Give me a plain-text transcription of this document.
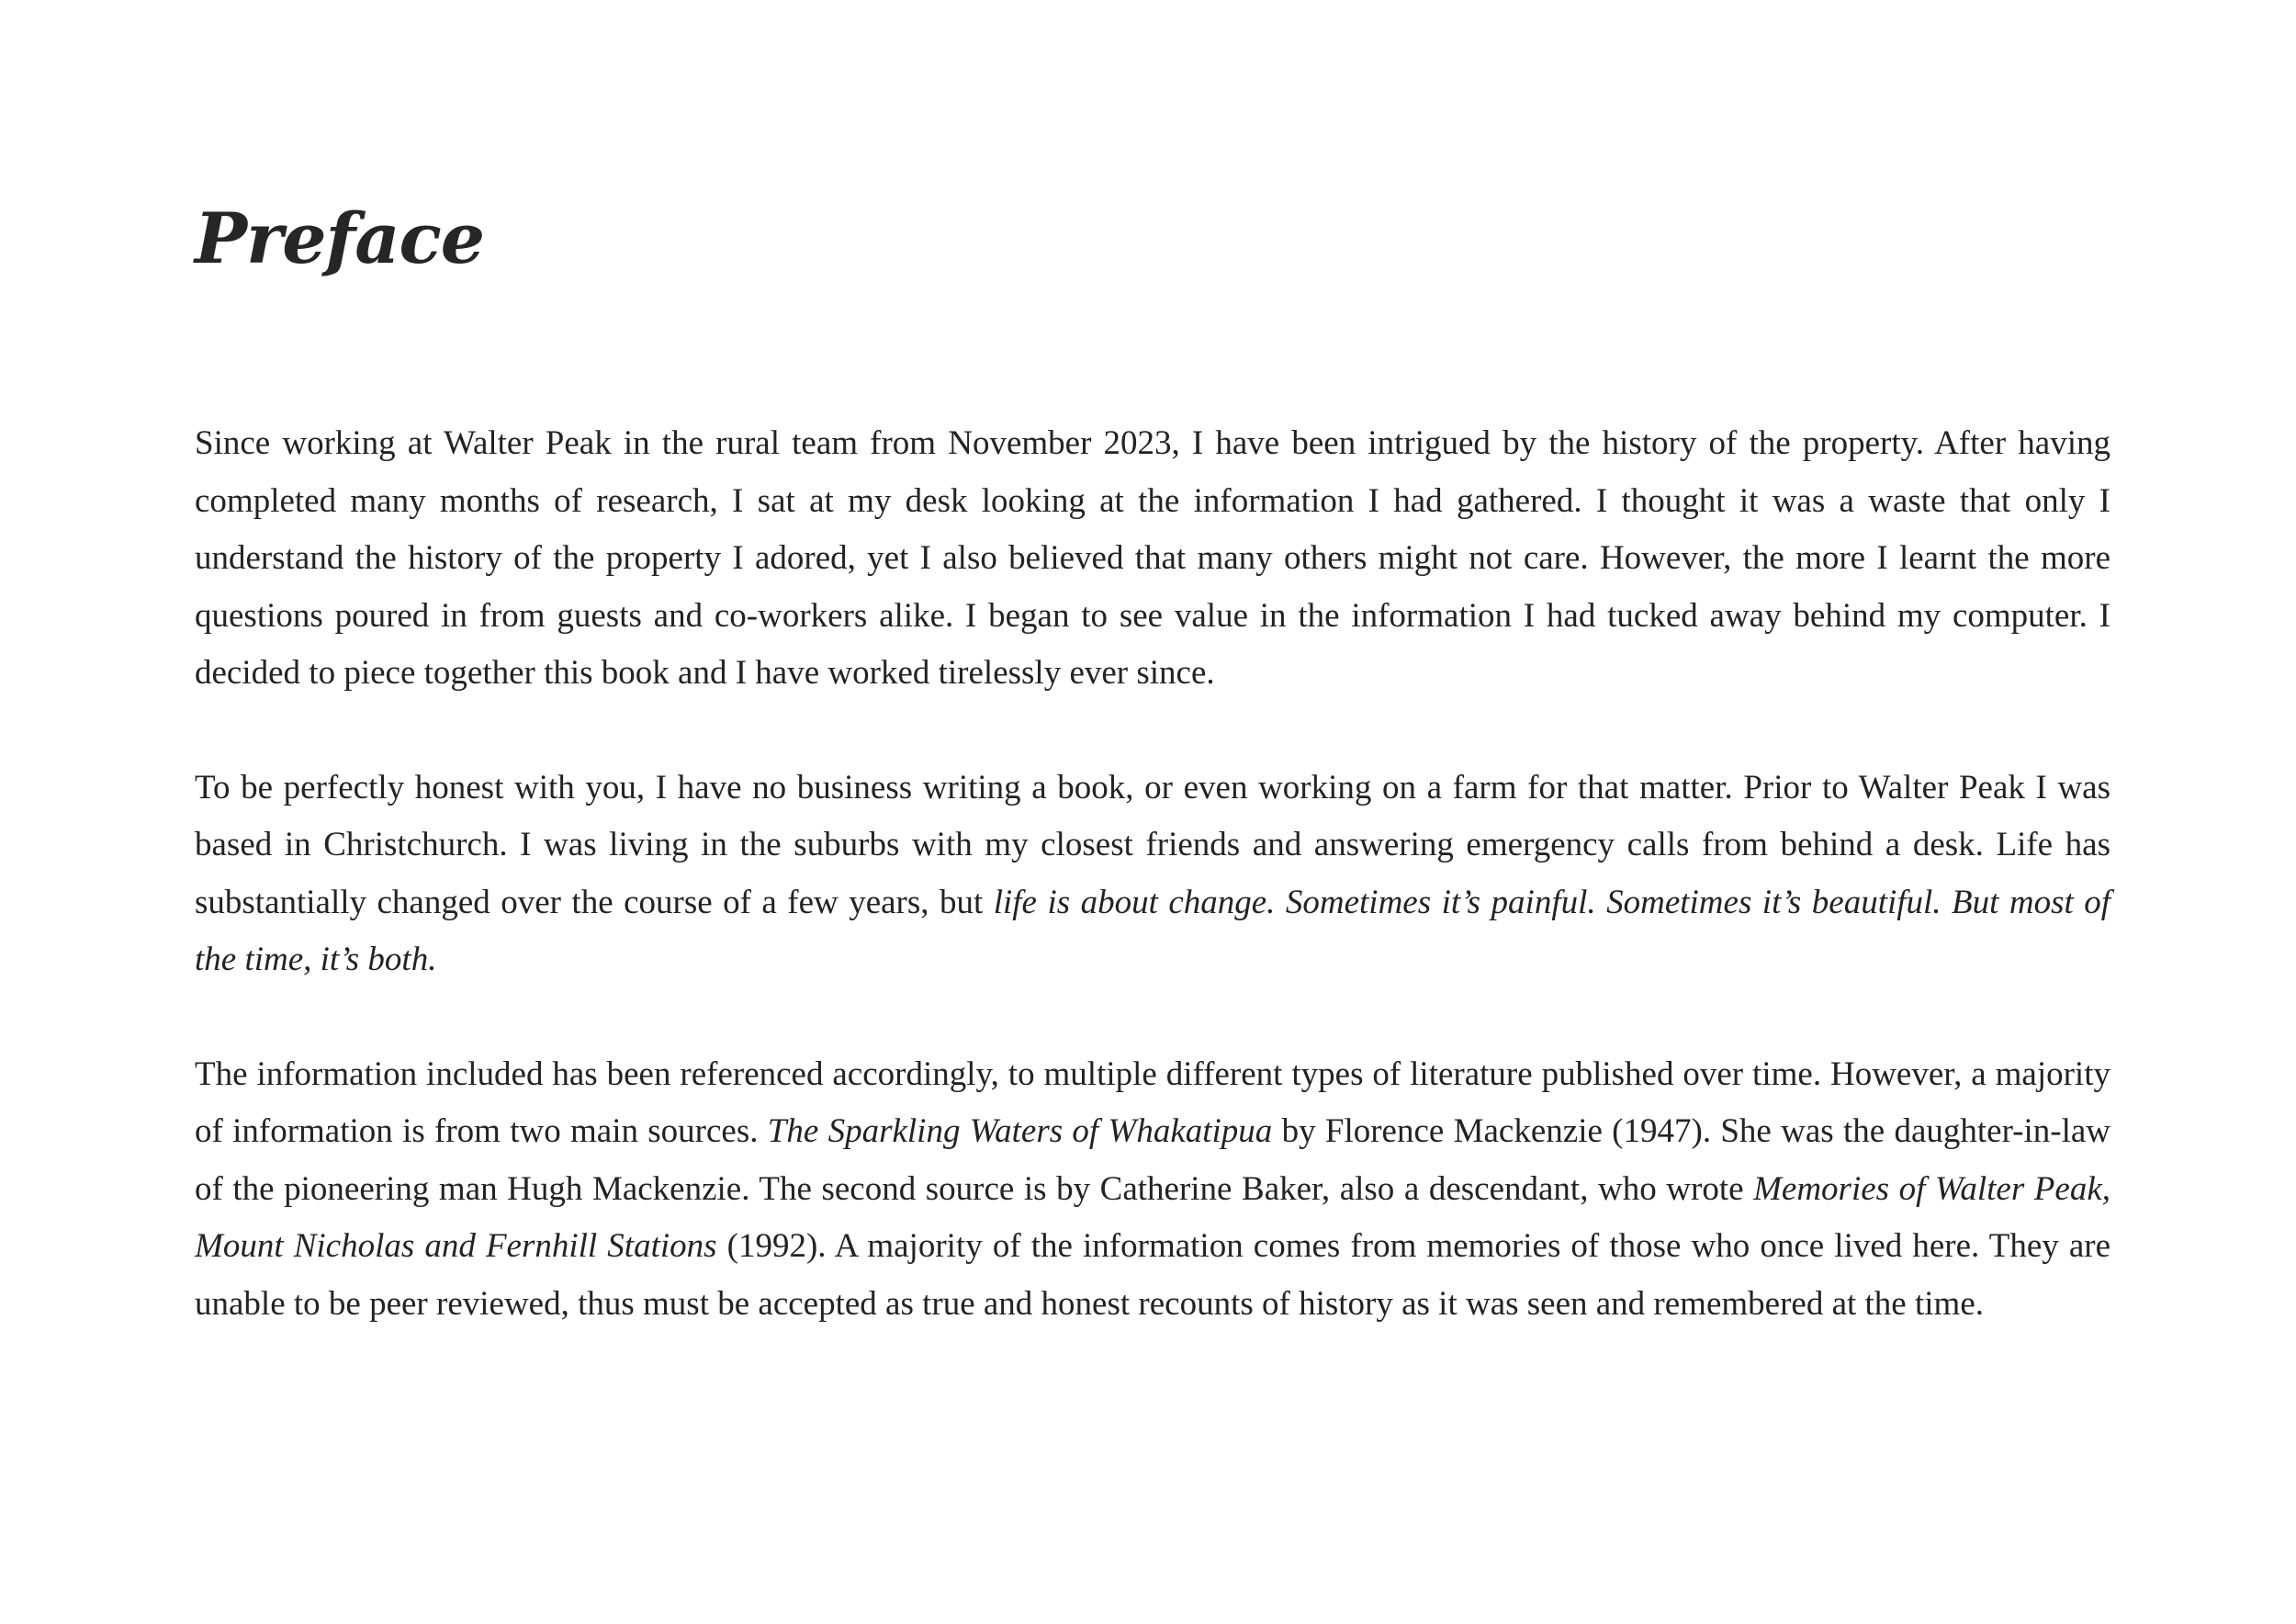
Preface

Since working at Walter Peak in the rural team from November 2023, I have been intrigued by the history of the property. After having completed many months of research, I sat at my desk looking at the information I had gathered. I thought it was a waste that only I understand the history of the property I adored, yet I also believed that many others might not care. However, the more I learnt the more questions poured in from guests and co-workers alike. I began to see value in the information I had tucked away behind my computer. I decided to piece together this book and I have worked tirelessly ever since.

To be perfectly honest with you, I have no business writing a book, or even working on a farm for that matter. Prior to Walter Peak I was based in Christchurch. I was living in the suburbs with my closest friends and answering emergency calls from behind a desk. Life has substantially changed over the course of a few years, but life is about change. Sometimes it’s painful. Sometimes it’s beautiful. But most of the time, it’s both.

The information included has been referenced accordingly, to multiple different types of literature published over time. However, a majority of information is from two main sources. The Sparkling Waters of Whakatipua by Florence Mackenzie (1947). She was the daughter-in-law of the pioneering man Hugh Mackenzie. The second source is by Catherine Baker, also a descendant, who wrote Memories of Walter Peak, Mount Nicholas and Fernhill Stations (1992). A majority of the information comes from memories of those who once lived here. They are unable to be peer reviewed, thus must be accepted as true and honest recounts of history as it was seen and remembered at the time.
